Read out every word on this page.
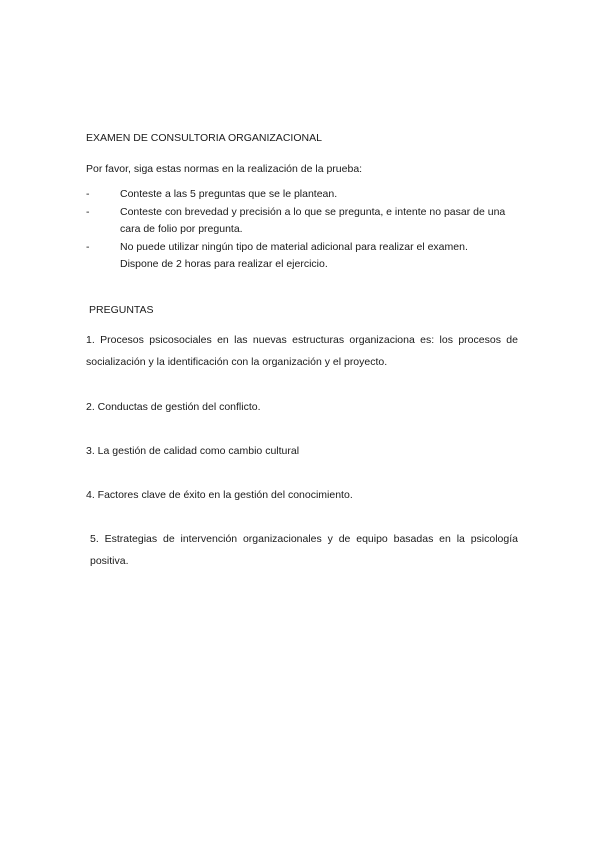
EXAMEN DE CONSULTORIA ORGANIZACIONAL
Por favor, siga estas normas en la realización de la prueba:
-	Conteste a las 5 preguntas que se le plantean.
-	Conteste con brevedad y precisión a lo que se pregunta, e intente no pasar de una cara de folio por pregunta.
-	No puede utilizar ningún tipo de material adicional para realizar el examen.
Dispone de 2 horas para realizar el ejercicio.
PREGUNTAS
1. Procesos psicosociales en las nuevas estructuras organizaciona es: los procesos de socialización y la identificación con la organización y el proyecto.
2. Conductas de gestión del conflicto.
3. La gestión de calidad como cambio cultural
4. Factores clave de éxito en la gestión del conocimiento.
5. Estrategias de intervención organizacionales y de equipo basadas en la psicología positiva.
